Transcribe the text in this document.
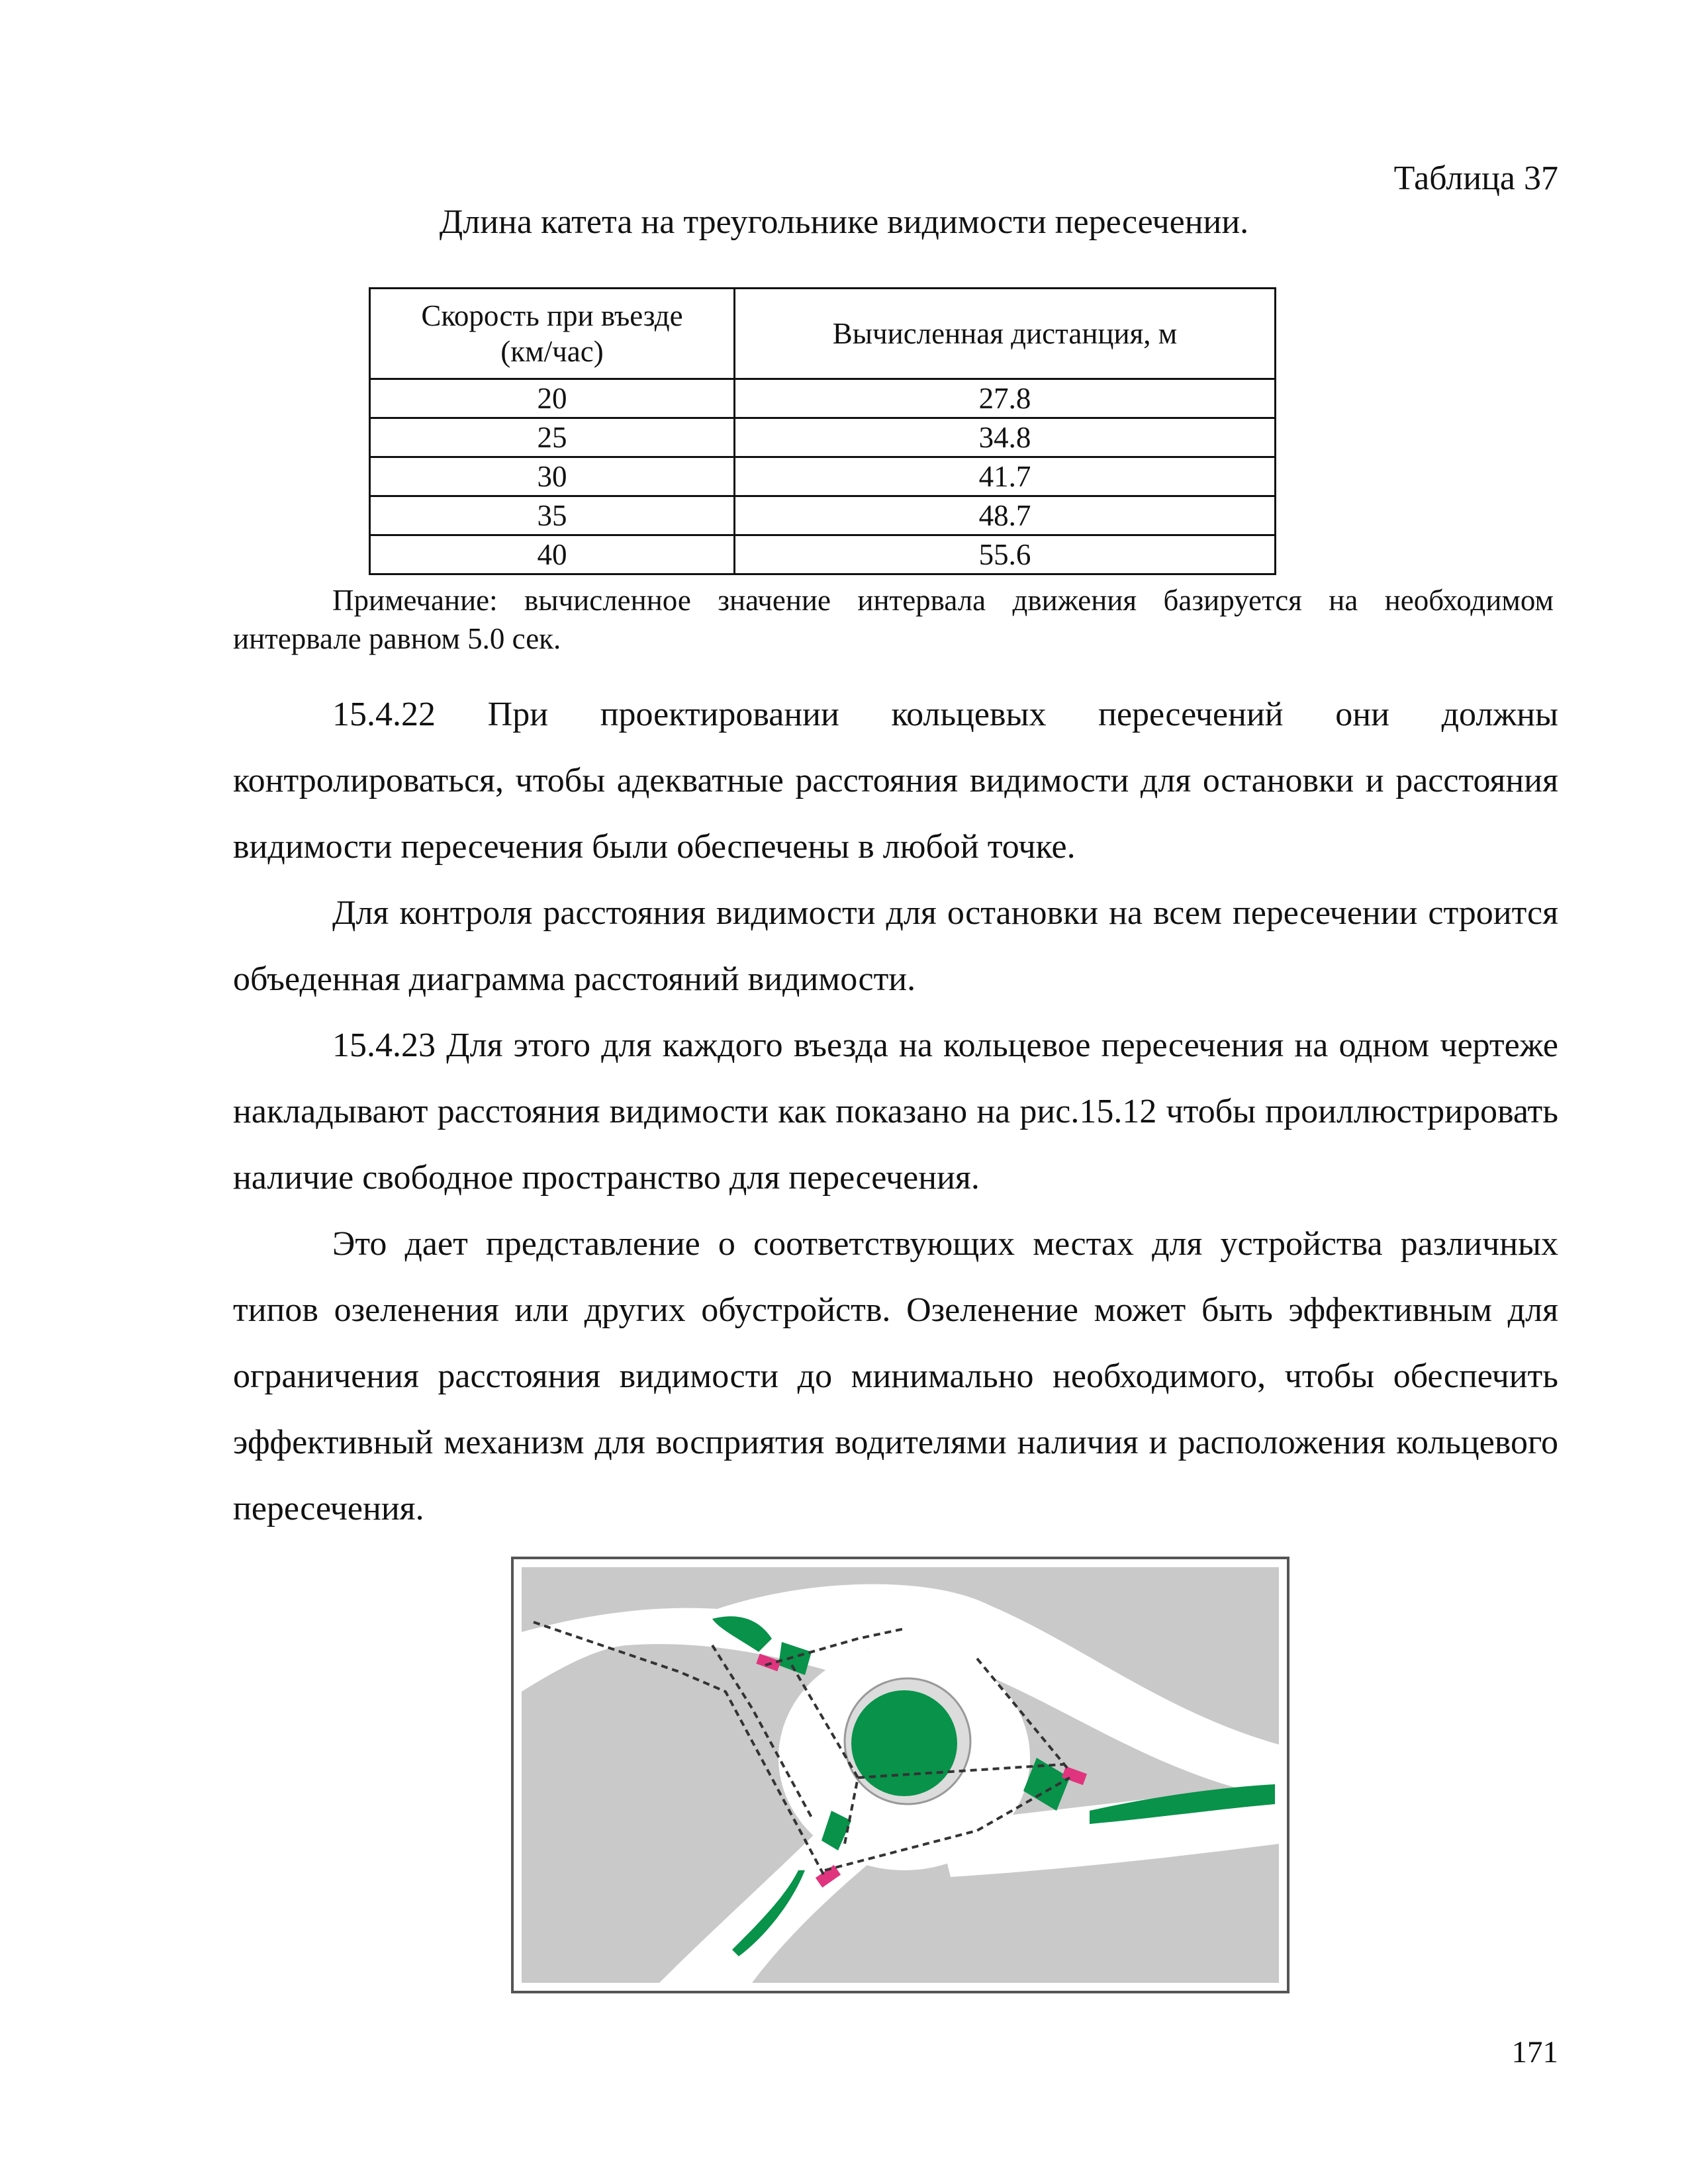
Таблица 37
Длина катета на треугольнике видимости пересечении.
Скорость при въезде
(км/час)	Вычисленная дистанция, м
20	27.8
25	34.8
30	41.7
35	48.7
40	55.6
Примечание: вычисленное значение интервала движения базируется на необходимом интервале равном 5.0 сек.

15.4.22 При проектировании кольцевых пересечений они должны контролироваться, чтобы адекватные расстояния видимости для остановки и расстояния видимости пересечения были обеспечены в любой точке.

Для контроля расстояния видимости для остановки на всем пересечении строится объеденная диаграмма расстояний видимости.

15.4.23 Для этого для каждого въезда на кольцевое пересечения на одном чертеже накладывают расстояния видимости как показано на рис.15.12 чтобы проиллюстрировать наличие свободное пространство для пересечения.

Это дает представление о соответствующих местах для устройства различных типов озеленения или других обустройств. Озеленение может быть эффективным для ограничения расстояния видимости до минимально необходимого, чтобы обеспечить эффективный механизм для восприятия водителями наличия и расположения кольцевого пересечения.

171
